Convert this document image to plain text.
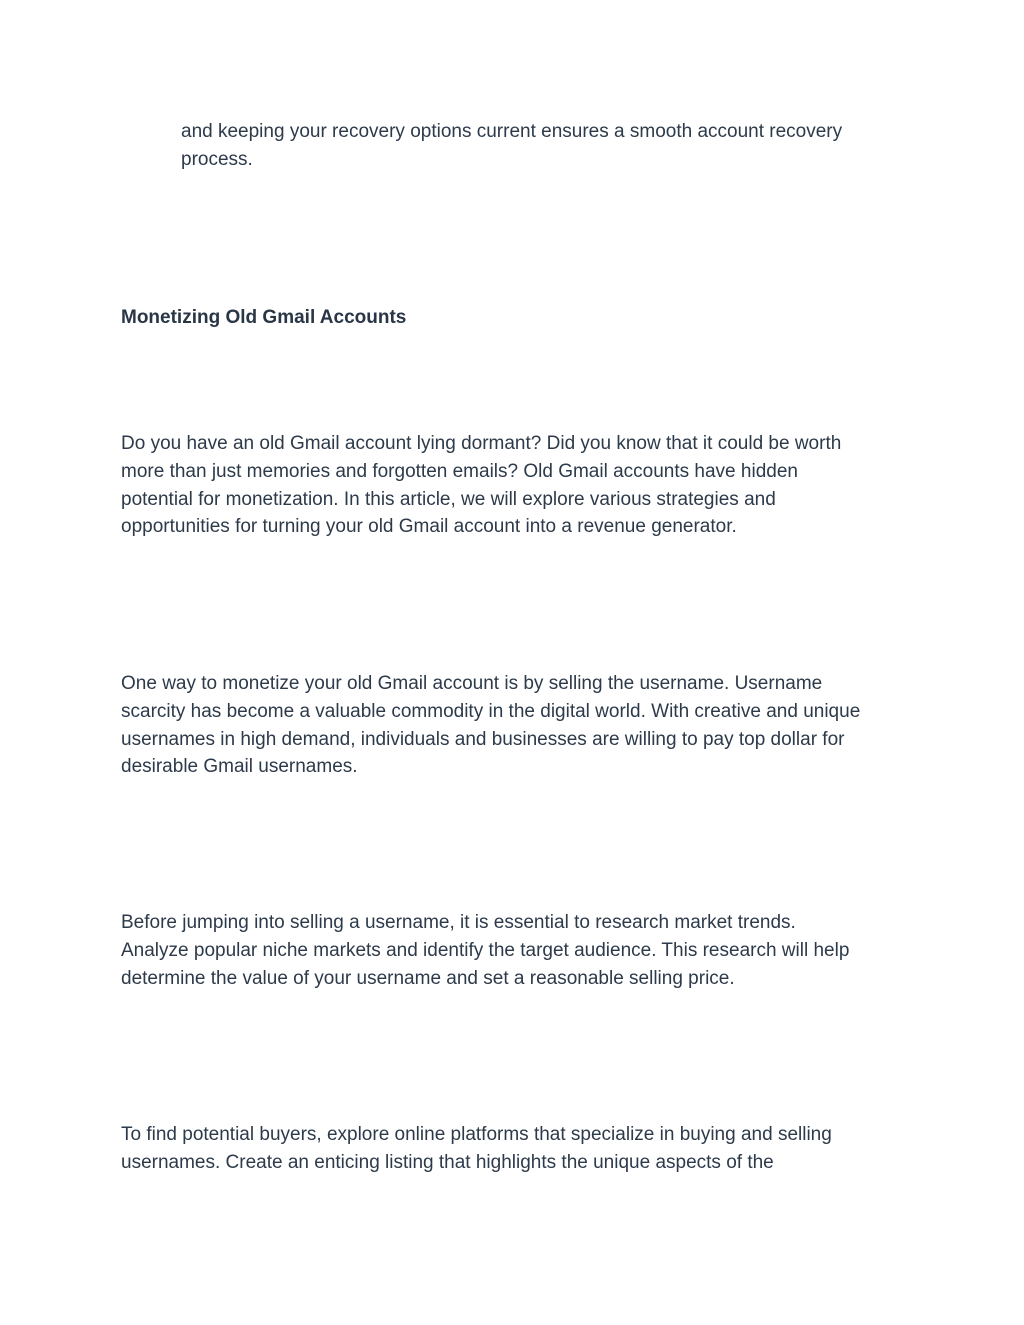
and keeping your recovery options current ensures a smooth account recovery
process.

Monetizing Old Gmail Accounts

Do you have an old Gmail account lying dormant? Did you know that it could be worth
more than just memories and forgotten emails? Old Gmail accounts have hidden
potential for monetization. In this article, we will explore various strategies and
opportunities for turning your old Gmail account into a revenue generator.

One way to monetize your old Gmail account is by selling the username. Username
scarcity has become a valuable commodity in the digital world. With creative and unique
usernames in high demand, individuals and businesses are willing to pay top dollar for
desirable Gmail usernames.

Before jumping into selling a username, it is essential to research market trends.
Analyze popular niche markets and identify the target audience. This research will help
determine the value of your username and set a reasonable selling price.

To find potential buyers, explore online platforms that specialize in buying and selling
usernames. Create an enticing listing that highlights the unique aspects of the
